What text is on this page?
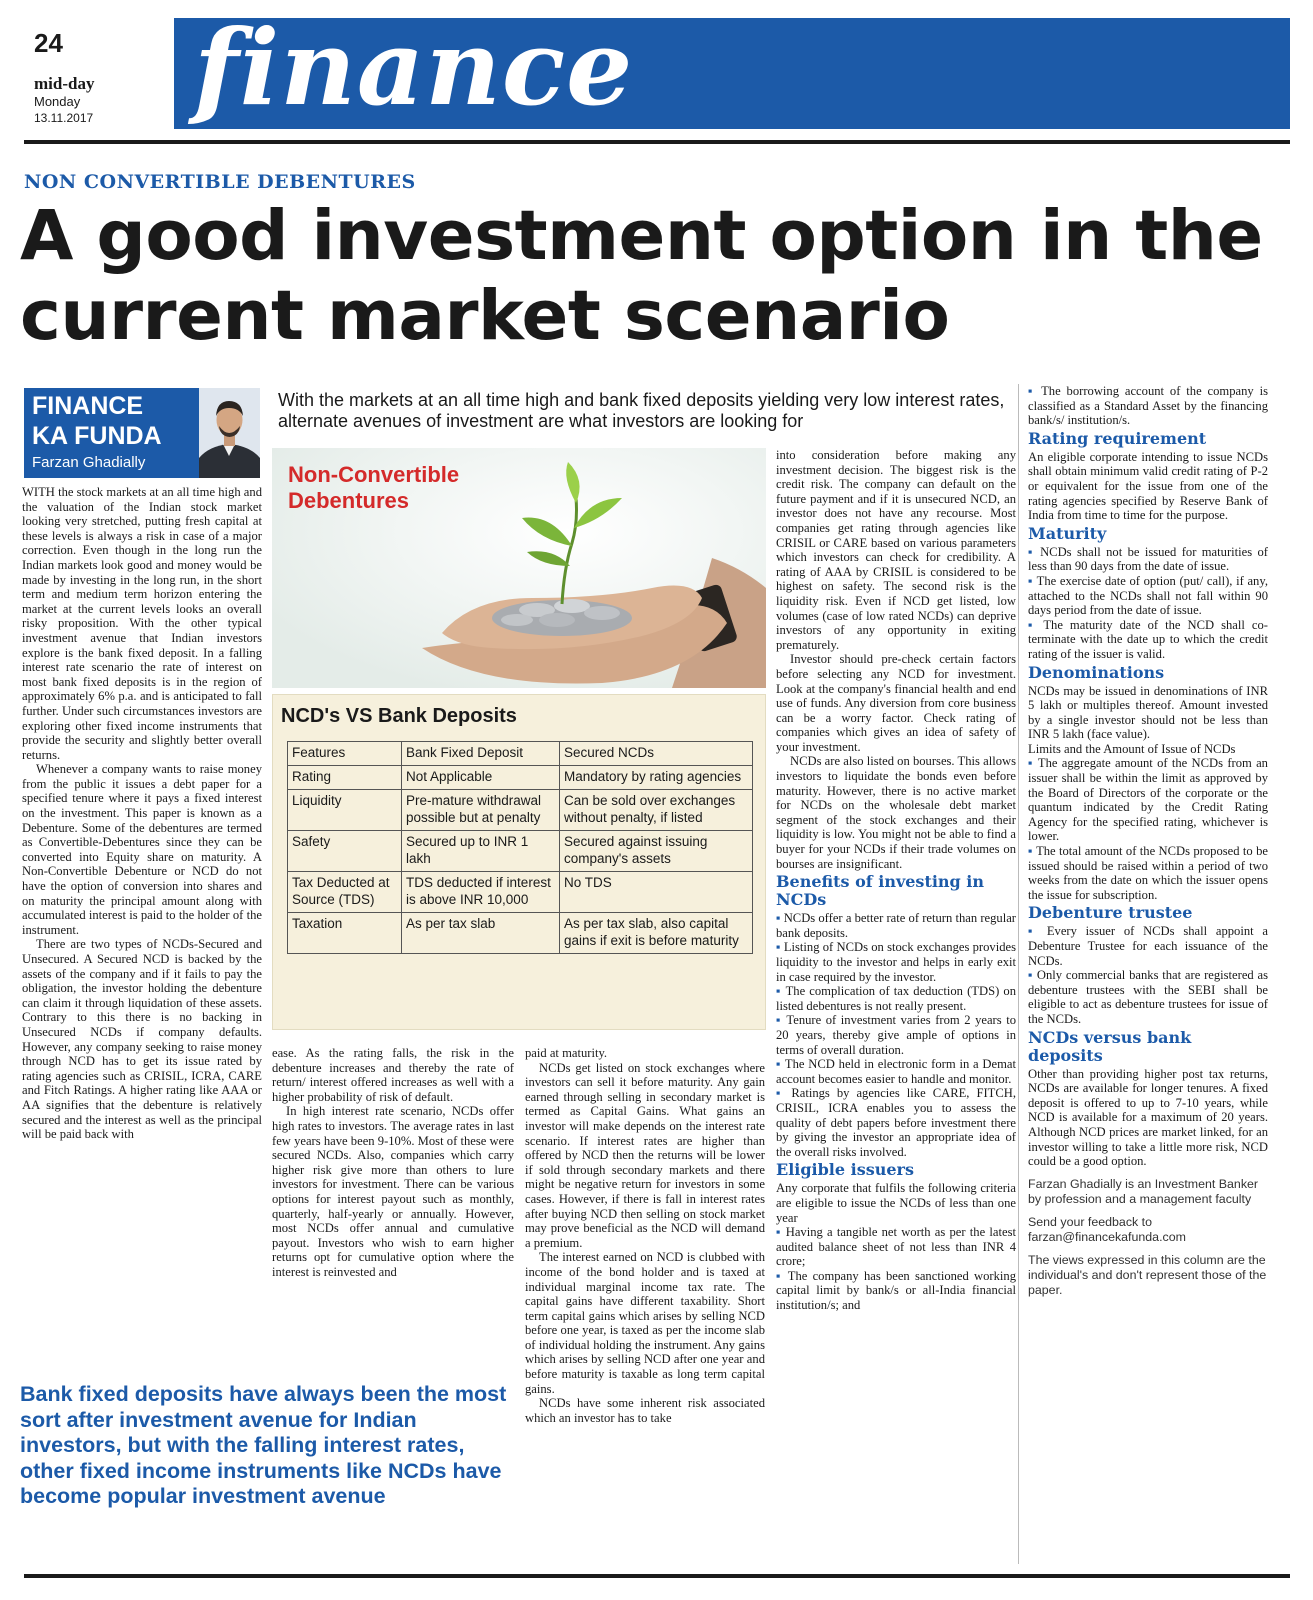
24
mid-day
Monday
13.11.2017 finance
NON CONVERTIBLE DEBENTURES
A good investment option in the current market scenario
FINANCE
KA FUNDA
Farzan Ghadially
With the markets at an all time high and bank fixed deposits yielding very low interest rates, alternate avenues of investment are what investors are looking for

WITH the stock markets at an all time high and the valuation of the Indian stock market looking very stretched, putting fresh capital at these levels is always a risk in case of a major correction. Even though in the long run the Indian markets look good and money would be made by investing in the long run, in the short term and medium term horizon entering the market at the current levels looks an overall risky proposition. With the other typical investment avenue that Indian investors explore is the bank fixed deposit. In a falling interest rate scenario the rate of interest on most bank fixed deposits is in the region of approximately 6% p.a. and is anticipated to fall further. Under such circumstances investors are exploring other fixed income instruments that provide the security and slightly better overall returns.

Whenever a company wants to raise money from the public it issues a debt paper for a specified tenure where it pays a fixed interest on the investment. This paper is known as a Debenture. Some of the debentures are termed as Convertible-Debentures since they can be converted into Equity share on maturity. A Non-Convertible Debenture or NCD do not have the option of conversion into shares and on maturity the principal amount along with accumulated interest is paid to the holder of the instrument.

There are two types of NCDs-Secured and Unsecured. A Secured NCD is backed by the assets of the company and if it fails to pay the obligation, the investor holding the debenture can claim it through liquidation of these assets. Contrary to this there is no backing in Unsecured NCDs if company defaults. However, any company seeking to raise money through NCD has to get its issue rated by rating agencies such as CRISIL, ICRA, CARE and Fitch Ratings. A higher rating like AAA or AA signifies that the debenture is relatively secured and the interest as well as the principal will be paid back with

Non-Convertible
Debentures
NCD's VS Bank Deposits
Features	Bank Fixed Deposit	Secured NCDs
Rating	Not Applicable	Mandatory by rating agencies
Liquidity	Pre-mature withdrawal possible but at penalty	Can be sold over exchanges without penalty, if listed
Safety	Secured up to INR 1 lakh	Secured against issuing company's assets
Tax Deducted at Source (TDS)	TDS deducted if interest is above INR 10,000	No TDS
Taxation	As per tax slab	As per tax slab, also capital gains if exit is before maturity

ease. As the rating falls, the risk in the debenture increases and thereby the rate of return/ interest offered increases as well with a higher probability of risk of default.

In high interest rate scenario, NCDs offer high rates to investors. The average rates in last few years have been 9-10%. Most of these were secured NCDs. Also, companies which carry higher risk give more than others to lure investors for investment. There can be various options for interest payout such as monthly, quarterly, half-yearly or annually. However, most NCDs offer annual and cumulative payout. Investors who wish to earn higher returns opt for cumulative option where the interest is reinvested and

paid at maturity.

NCDs get listed on stock exchanges where investors can sell it before maturity. Any gain earned through selling in secondary market is termed as Capital Gains. What gains an investor will make depends on the interest rate scenario. If interest rates are higher than offered by NCD then the returns will be lower if sold through secondary markets and there might be negative return for investors in some cases. However, if there is fall in interest rates after buying NCD then selling on stock market may prove beneficial as the NCD will demand a premium.

The interest earned on NCD is clubbed with income of the bond holder and is taxed at individual marginal income tax rate. The capital gains have different taxability. Short term capital gains which arises by selling NCD before one year, is taxed as per the income slab of individual holding the instrument. Any gains which arises by selling NCD after one year and before maturity is taxable as long term capital gains.

NCDs have some inherent risk associated which an investor has to take

into consideration before making any investment decision. The biggest risk is the credit risk. The company can default on the future payment and if it is unsecured NCD, an investor does not have any recourse. Most companies get rating through agencies like CRISIL or CARE based on various parameters which investors can check for credibility. A rating of AAA by CRISIL is considered to be highest on safety. The second risk is the liquidity risk. Even if NCD get listed, low volumes (case of low rated NCDs) can deprive investors of any opportunity in exiting prematurely.

Investor should pre-check certain factors before selecting any NCD for investment. Look at the company's financial health and end use of funds. Any diversion from core business can be a worry factor. Check rating of companies which gives an idea of safety of your investment.

NCDs are also listed on bourses. This allows investors to liquidate the bonds even before maturity. However, there is no active market for NCDs on the wholesale debt market segment of the stock exchanges and their liquidity is low. You might not be able to find a buyer for your NCDs if their trade volumes on bourses are insignificant.

Benefits of investing in NCDs

▪ NCDs offer a better rate of return than regular bank deposits.

▪ Listing of NCDs on stock exchanges provides liquidity to the investor and helps in early exit in case required by the investor.

▪ The complication of tax deduction (TDS) on listed debentures is not really present.

▪ Tenure of investment varies from 2 years to 20 years, thereby give ample of options in terms of overall duration.

▪ The NCD held in electronic form in a Demat account becomes easier to handle and monitor.

▪ Ratings by agencies like CARE, FITCH, CRISIL, ICRA enables you to assess the quality of debt papers before investment there by giving the investor an appropriate idea of the overall risks involved.

Eligible issuers

Any corporate that fulfils the following criteria are eligible to issue the NCDs of less than one year

▪ Having a tangible net worth as per the latest audited balance sheet of not less than INR 4 crore;

▪ The company has been sanctioned working capital limit by bank/s or all-India financial institution/s; and

▪ The borrowing account of the company is classified as a Standard Asset by the financing bank/s/ institution/s.

Rating requirement

An eligible corporate intending to issue NCDs shall obtain minimum valid credit rating of P-2 or equivalent for the issue from one of the rating agencies specified by Reserve Bank of India from time to time for the purpose.

Maturity

▪ NCDs shall not be issued for maturities of less than 90 days from the date of issue.

▪ The exercise date of option (put/ call), if any, attached to the NCDs shall not fall within 90 days period from the date of issue.

▪ The maturity date of the NCD shall co-terminate with the date up to which the credit rating of the issuer is valid.

Denominations

NCDs may be issued in denominations of INR 5 lakh or multiples thereof. Amount invested by a single investor should not be less than INR 5 lakh (face value).

Limits and the Amount of Issue of NCDs

▪ The aggregate amount of the NCDs from an issuer shall be within the limit as approved by the Board of Directors of the corporate or the quantum indicated by the Credit Rating Agency for the specified rating, whichever is lower.

▪ The total amount of the NCDs proposed to be issued should be raised within a period of two weeks from the date on which the issuer opens the issue for subscription.

Debenture trustee

▪ Every issuer of NCDs shall appoint a Debenture Trustee for each issuance of the NCDs.

▪ Only commercial banks that are registered as debenture trustees with the SEBI shall be eligible to act as debenture trustees for issue of the NCDs.

NCDs versus bank deposits

Other than providing higher post tax returns, NCDs are available for longer tenures. A fixed deposit is offered to up to 7-10 years, while NCD is available for a maximum of 20 years. Although NCD prices are market linked, for an investor willing to take a little more risk, NCD could be a good option.

Farzan Ghadially is an Investment Banker by profession and a management faculty

Send your feedback to farzan@financekafunda.com

The views expressed in this column are the individual's and don't represent those of the paper.

Bank fixed deposits have always been the most sort after investment avenue for Indian investors, but with the falling interest rates, other fixed income instruments like NCDs have become popular investment avenue
